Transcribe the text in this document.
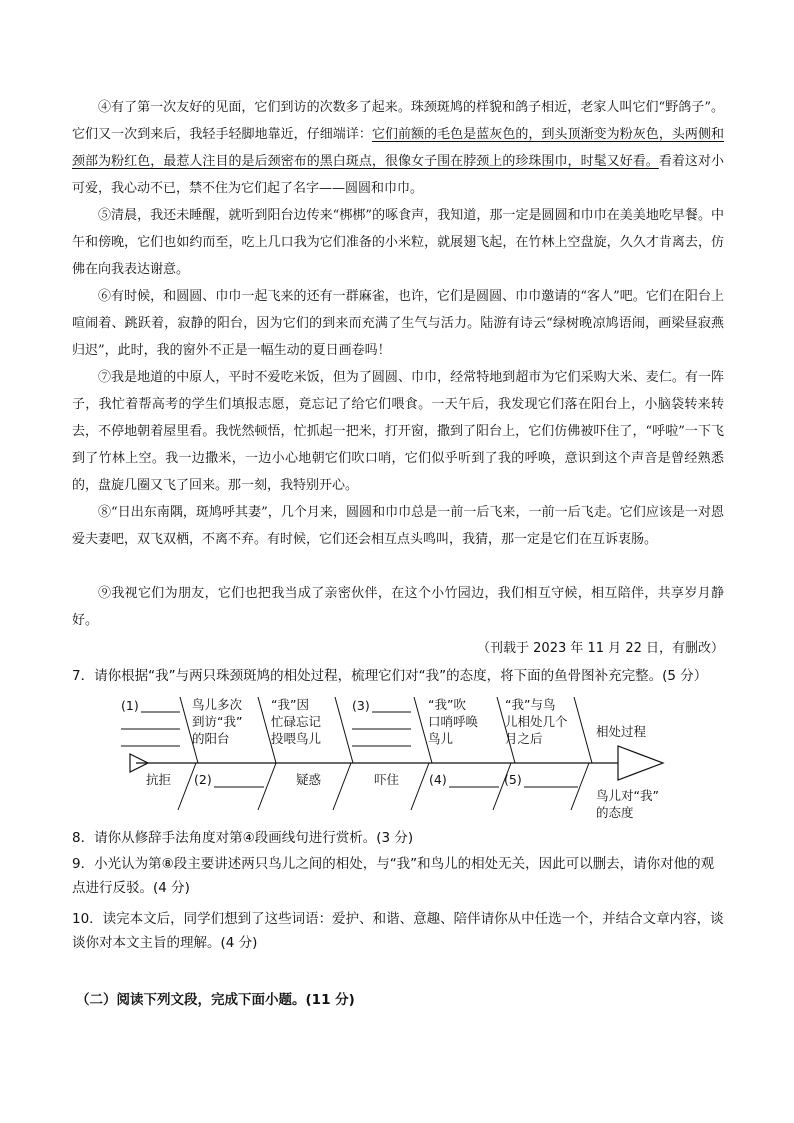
④有了第一次友好的见面，它们到访的次数多了起来。珠颈斑鸠的样貌和鸽子相近，老家人叫它们“野鸽子”。它们又一次到来后，我轻手轻脚地靠近，仔细端详：它们前额的毛色是蓝灰色的，到头顶渐变为粉灰色，头两侧和颈部为粉红色，最惹人注目的是后颈密布的黑白斑点，很像女子围在脖颈上的珍珠围巾，时髦又好看。看着这对小可爱，我心动不已，禁不住为它们起了名字——圆圆和巾巾。

⑤清晨，我还未睡醒，就听到阳台边传来“梆梆”的啄食声，我知道，那一定是圆圆和巾巾在美美地吃早餐。中午和傍晚，它们也如约而至，吃上几口我为它们准备的小米粒，就展翅飞起，在竹林上空盘旋，久久才肯离去，仿佛在向我表达谢意。

⑥有时候，和圆圆、巾巾一起飞来的还有一群麻雀，也许，它们是圆圆、巾巾邀请的“客人”吧。它们在阳台上喧闹着、跳跃着，寂静的阳台，因为它们的到来而充满了生气与活力。陆游有诗云“绿树晚凉鸠语闹，画梁昼寂燕归迟”，此时，我的窗外不正是一幅生动的夏日画卷吗！

⑦我是地道的中原人，平时不爱吃米饭，但为了圆圆、巾巾，经常特地到超市为它们采购大米、麦仁。有一阵子，我忙着帮高考的学生们填报志愿，竟忘记了给它们喂食。一天午后，我发现它们落在阳台上，小脑袋转来转去，不停地朝着屋里看。我恍然顿悟，忙抓起一把米，打开窗，撒到了阳台上，它们仿佛被吓住了，“呼啦”一下飞到了竹林上空。我一边撒米，一边小心地朝它们吹口哨，它们似乎听到了我的呼唤，意识到这个声音是曾经熟悉的，盘旋几圈又飞了回来。那一刻，我特别开心。

⑧“日出东南隅，斑鸠呼其妻”，几个月来，圆圆和巾巾总是一前一后飞来，一前一后飞走。它们应该是一对恩爱夫妻吧，双飞双栖，不离不弃。有时候，它们还会相互点头鸣叫，我猜，那一定是它们在互诉衷肠。

⑨我视它们为朋友，它们也把我当成了亲密伙伴，在这个小竹园边，我们相互守候，相互陪伴，共享岁月静好。

（刊载于 2023 年 11 月 22 日，有删改）

7．请你根据“我”与两只珠颈斑鸠的相处过程，梳理它们对“我”的态度，将下面的鱼骨图补充完整。(5 分）

(1)	鸟儿多次
到访“我”
的阳台
“我”因
忙碌忘记
投喂鸟儿
(3)	“我”吹
口哨呼唤
鸟儿
“我”与鸟
儿相处几个
月之后	相处过程
抗拒 (2)	疑惑	吓住 (4)	(5)
鸟儿对“我”
的态度

8．请你从修辞手法角度对第④段画线句进行赏析。(3 分)

9．小光认为第⑧段主要讲述两只鸟儿之间的相处，与“我”和鸟儿的相处无关，因此可以删去，请你对他的观点进行反驳。(4 分)

10．读完本文后，同学们想到了这些词语：爱护、和谐、意趣、陪伴请你从中任选一个，并结合文章内容，谈谈你对本文主旨的理解。(4 分)

（二）阅读下列文段，完成下面小题。(11 分)
